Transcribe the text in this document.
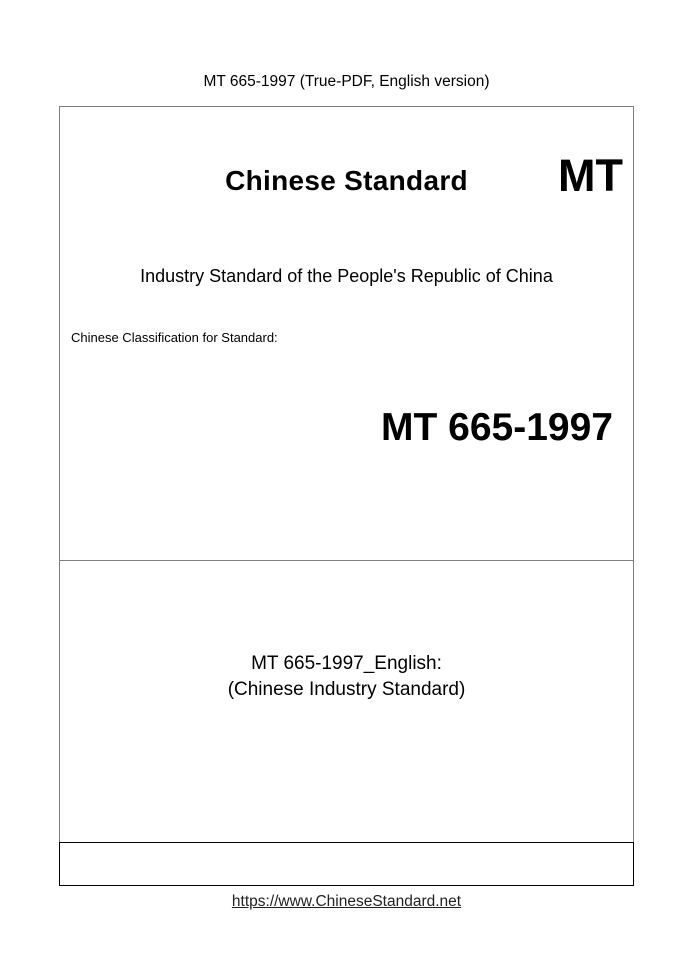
MT 665-1997 (True-PDF, English version)
Chinese Standard	MT
Industry Standard of the People's Republic of China
Chinese Classification for Standard:
MT 665-1997
MT 665-1997_English:
(Chinese Industry Standard)
https://www.ChineseStandard.net
